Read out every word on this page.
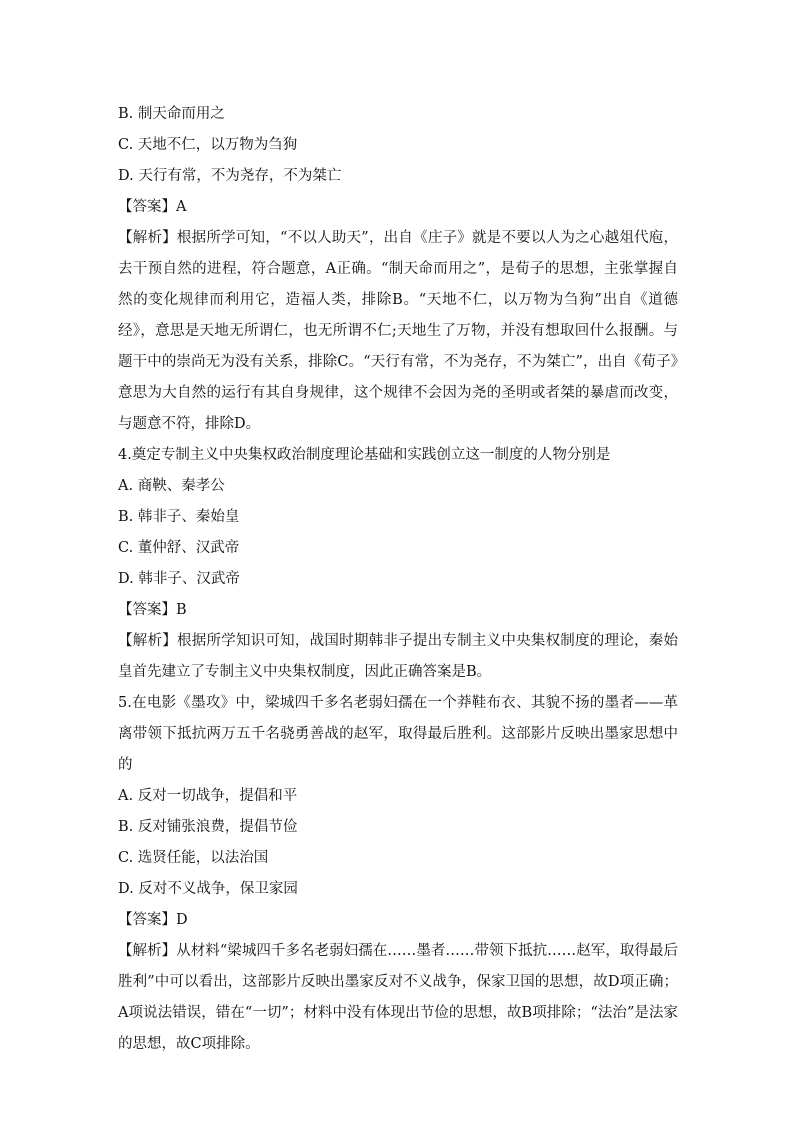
B. 制天命而用之

C. 天地不仁，以万物为刍狗

D. 天行有常，不为尧存，不为桀亡

【答案】A

【解析】根据所学可知，“不以人助天”，出自《庄子》就是不要以人为之心越俎代庖，去干预自然的进程，符合题意，A正确。“制天命而用之”，是荀子的思想，主张掌握自然的变化规律而利用它，造福人类，排除B。“天地不仁，以万物为刍狗”出自《道德经》，意思是天地无所谓仁，也无所谓不仁;天地生了万物，并没有想取回什么报酬。与题干中的崇尚无为没有关系，排除C。“天行有常，不为尧存，不为桀亡”，出自《荀子》意思为大自然的运行有其自身规律，这个规律不会因为尧的圣明或者桀的暴虐而改变，与题意不符，排除D。

4.奠定专制主义中央集权政治制度理论基础和实践创立这一制度的人物分别是

A. 商鞅、秦孝公

B. 韩非子、秦始皇

C. 董仲舒、汉武帝

D. 韩非子、汉武帝

【答案】B

【解析】根据所学知识可知，战国时期韩非子提出专制主义中央集权制度的理论，秦始皇首先建立了专制主义中央集权制度，因此正确答案是B。

5.在电影《墨攻》中，梁城四千多名老弱妇孺在一个莽鞋布衣、其貌不扬的墨者——革离带领下抵抗两万五千名骁勇善战的赵军，取得最后胜利。这部影片反映出墨家思想中的

A. 反对一切战争，提倡和平

B. 反对铺张浪费，提倡节俭

C. 选贤任能，以法治国

D. 反对不义战争，保卫家园

【答案】D

【解析】从材料“梁城四千多名老弱妇孺在……墨者……带领下抵抗……赵军，取得最后胜利”中可以看出，这部影片反映出墨家反对不义战争，保家卫国的思想，故D项正确；A项说法错误，错在“一切”；材料中没有体现出节俭的思想，故B项排除；“法治”是法家的思想，故C项排除。
